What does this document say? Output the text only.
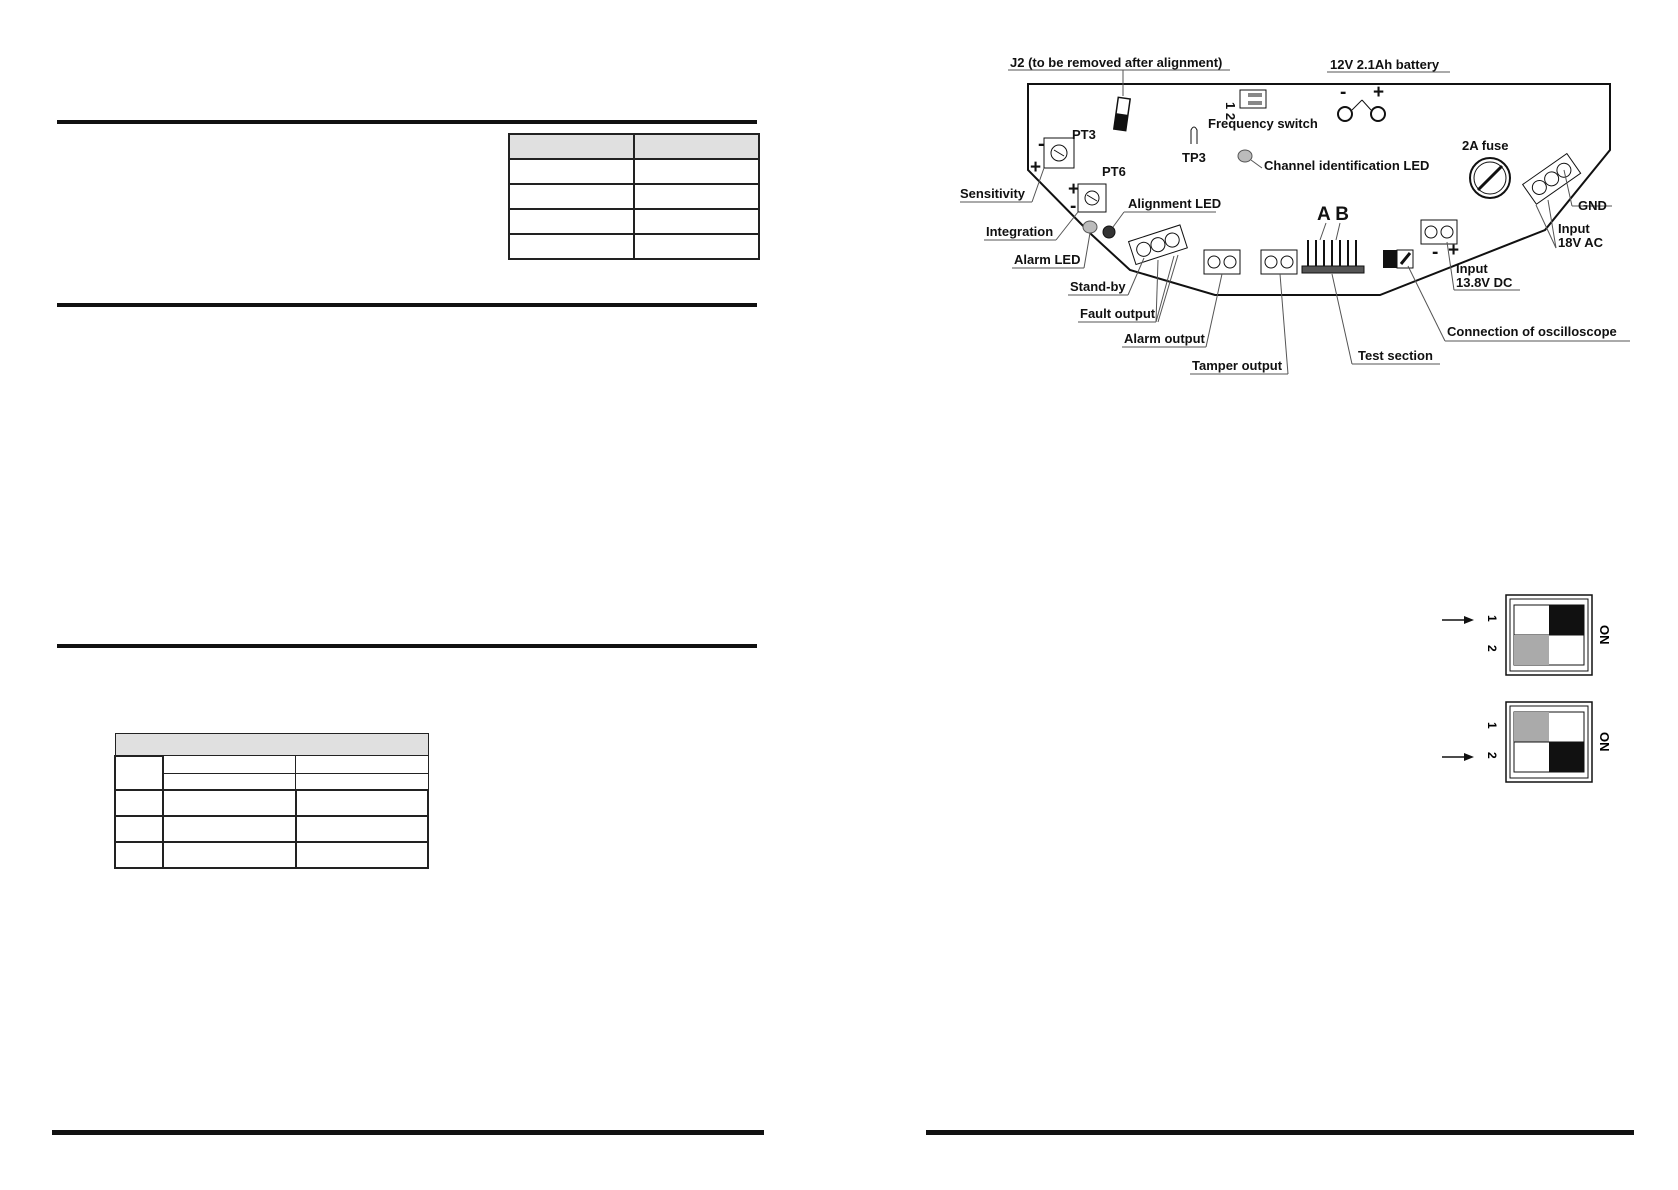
J2 (to be removed after alignment)	12V 2.1Ah battery
- +
1 2
Frequency switch
PT3
-
+	PT6
+
-
TP3
Channel identification LED
2A fuse
GND
Input
18V AC
Sensitivity
Integration
Alignment LED
Alarm LED
A B
- +
Input
13.8V DC
Stand-by
Fault output
Alarm output
Tamper output
Test section
Connection of oscilloscope
1
2
ON
1
2
ON
